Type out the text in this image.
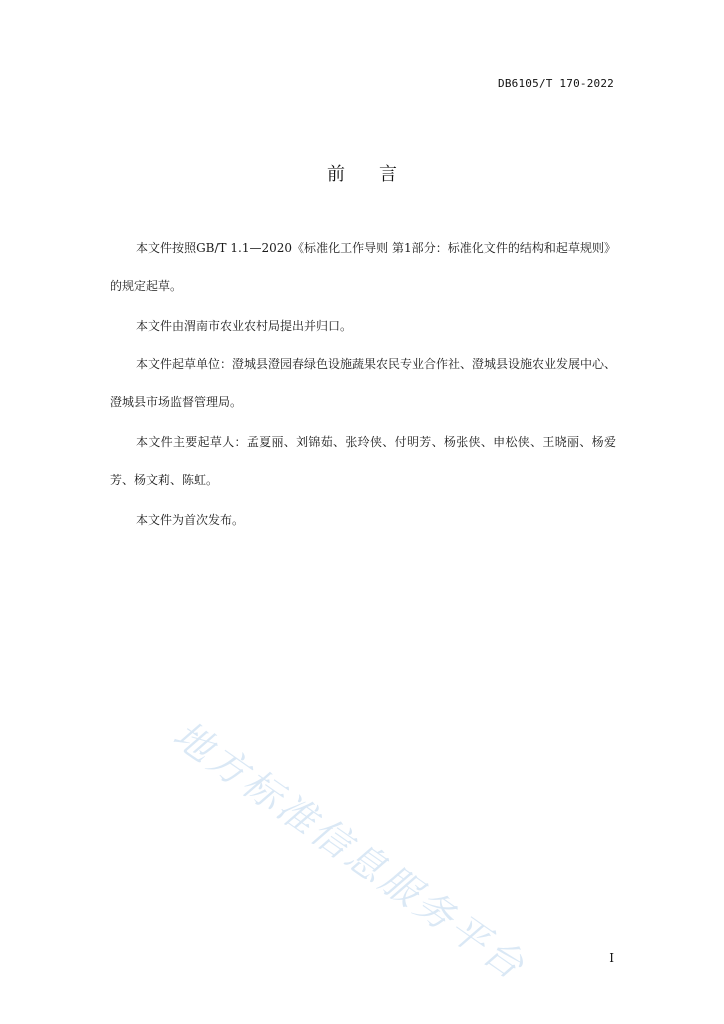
DB6105/T 170-2022
前言

本文件按照GB/T 1.1—2020《标准化工作导则 第1部分：标准化文件的结构和起草规则》的规定起草。

本文件由渭南市农业农村局提出并归口。

本文件起草单位：澄城县澄园春绿色设施蔬果农民专业合作社、澄城县设施农业发展中心、澄城县市场监督管理局。

本文件主要起草人：孟夏丽、刘锦茹、张玲侠、付明芳、杨张侠、申松侠、王晓丽、杨爱芳、杨文莉、陈虹。

本文件为首次发布。

地方标准信息服务平台	I
